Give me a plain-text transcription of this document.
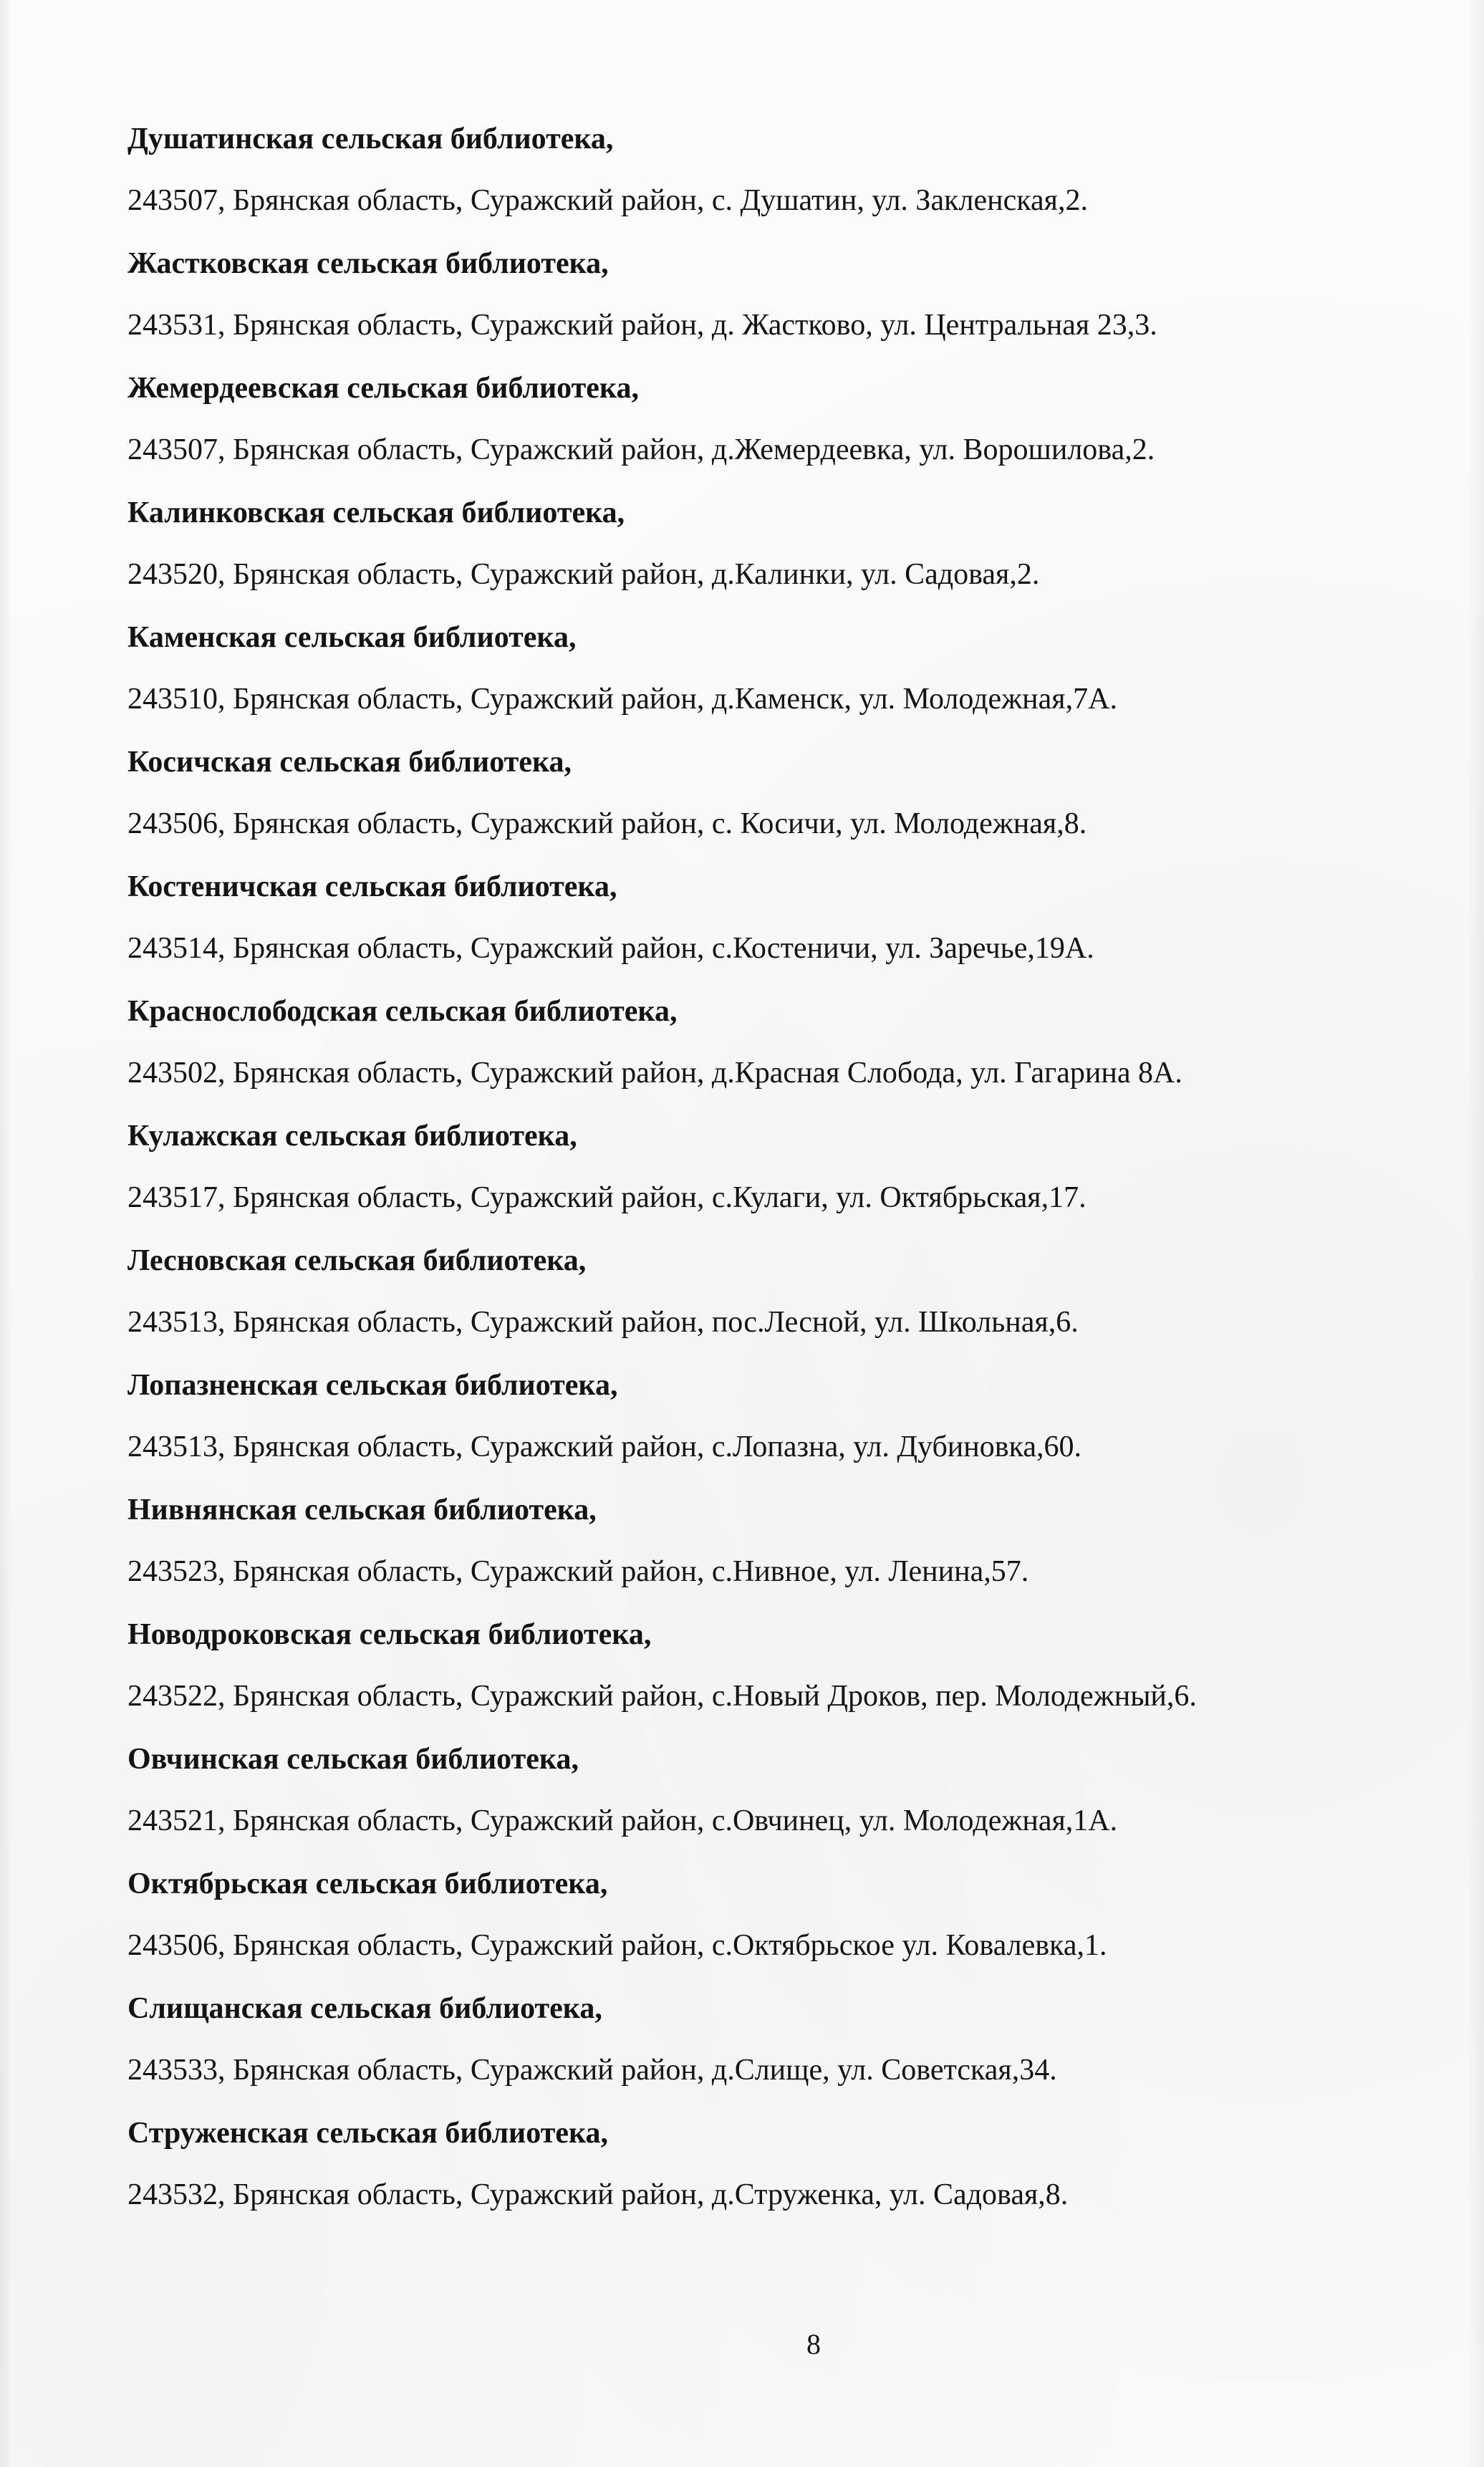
Душатинская сельская библиотека,
243507, Брянская область, Суражский район, с. Душатин, ул. Закленская,2.
Жастковская сельская библиотека,
243531, Брянская область, Суражский район, д. Жастково, ул. Центральная 23,3.
Жемердеевская сельская библиотека,
243507, Брянская область, Суражский район, д.Жемердеевка, ул. Ворошилова,2.
Калинковская сельская библиотека,
243520, Брянская область, Суражский район, д.Калинки, ул. Садовая,2.
Каменская сельская библиотека,
243510, Брянская область, Суражский район, д.Каменск, ул. Молодежная,7А.
Косичская сельская библиотека,
243506, Брянская область, Суражский район, с. Косичи, ул. Молодежная,8.
Костеничская сельская библиотека,
243514, Брянская область, Суражский район, с.Костеничи, ул. Заречье,19А.
Краснослободская сельская библиотека,
243502, Брянская область, Суражский район, д.Красная Слобода, ул. Гагарина 8А.
Кулажская сельская библиотека,
243517, Брянская область, Суражский район, с.Кулаги, ул. Октябрьская,17.
Лесновская сельская библиотека,
243513, Брянская область, Суражский район, пос.Лесной, ул. Школьная,6.
Лопазненская сельская библиотека,
243513, Брянская область, Суражский район, с.Лопазна, ул. Дубиновка,60.
Нивнянская сельская библиотека,
243523, Брянская область, Суражский район, с.Нивное, ул. Ленина,57.
Новодроковская сельская библиотека,
243522, Брянская область, Суражский район, с.Новый Дроков, пер. Молодежный,6.
Овчинская сельская библиотека,
243521, Брянская область, Суражский район, с.Овчинец, ул. Молодежная,1А.
Октябрьская сельская библиотека,
243506, Брянская область, Суражский район, с.Октябрьское ул. Ковалевка,1.
Слищанская сельская библиотека,
243533, Брянская область, Суражский район, д.Слище, ул. Советская,34.
Струженская сельская библиотека,
243532, Брянская область, Суражский район, д.Струженка, ул. Садовая,8.
8
